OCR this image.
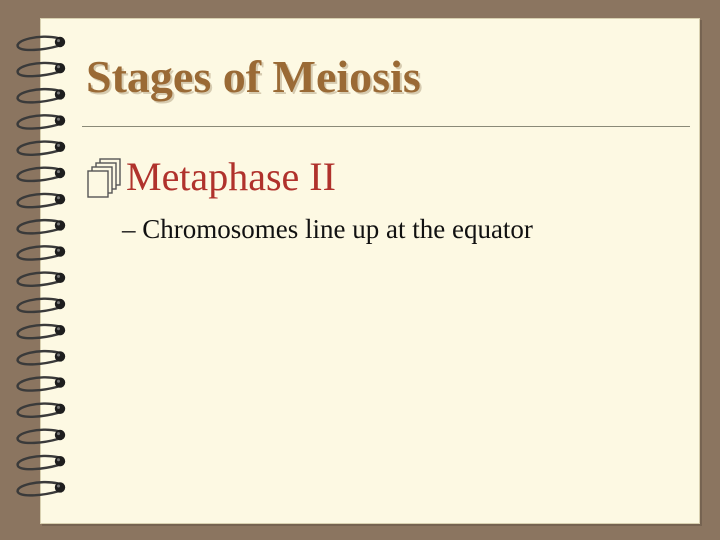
Stages of Meiosis
Metaphase II
– Chromosomes line up at the equator
